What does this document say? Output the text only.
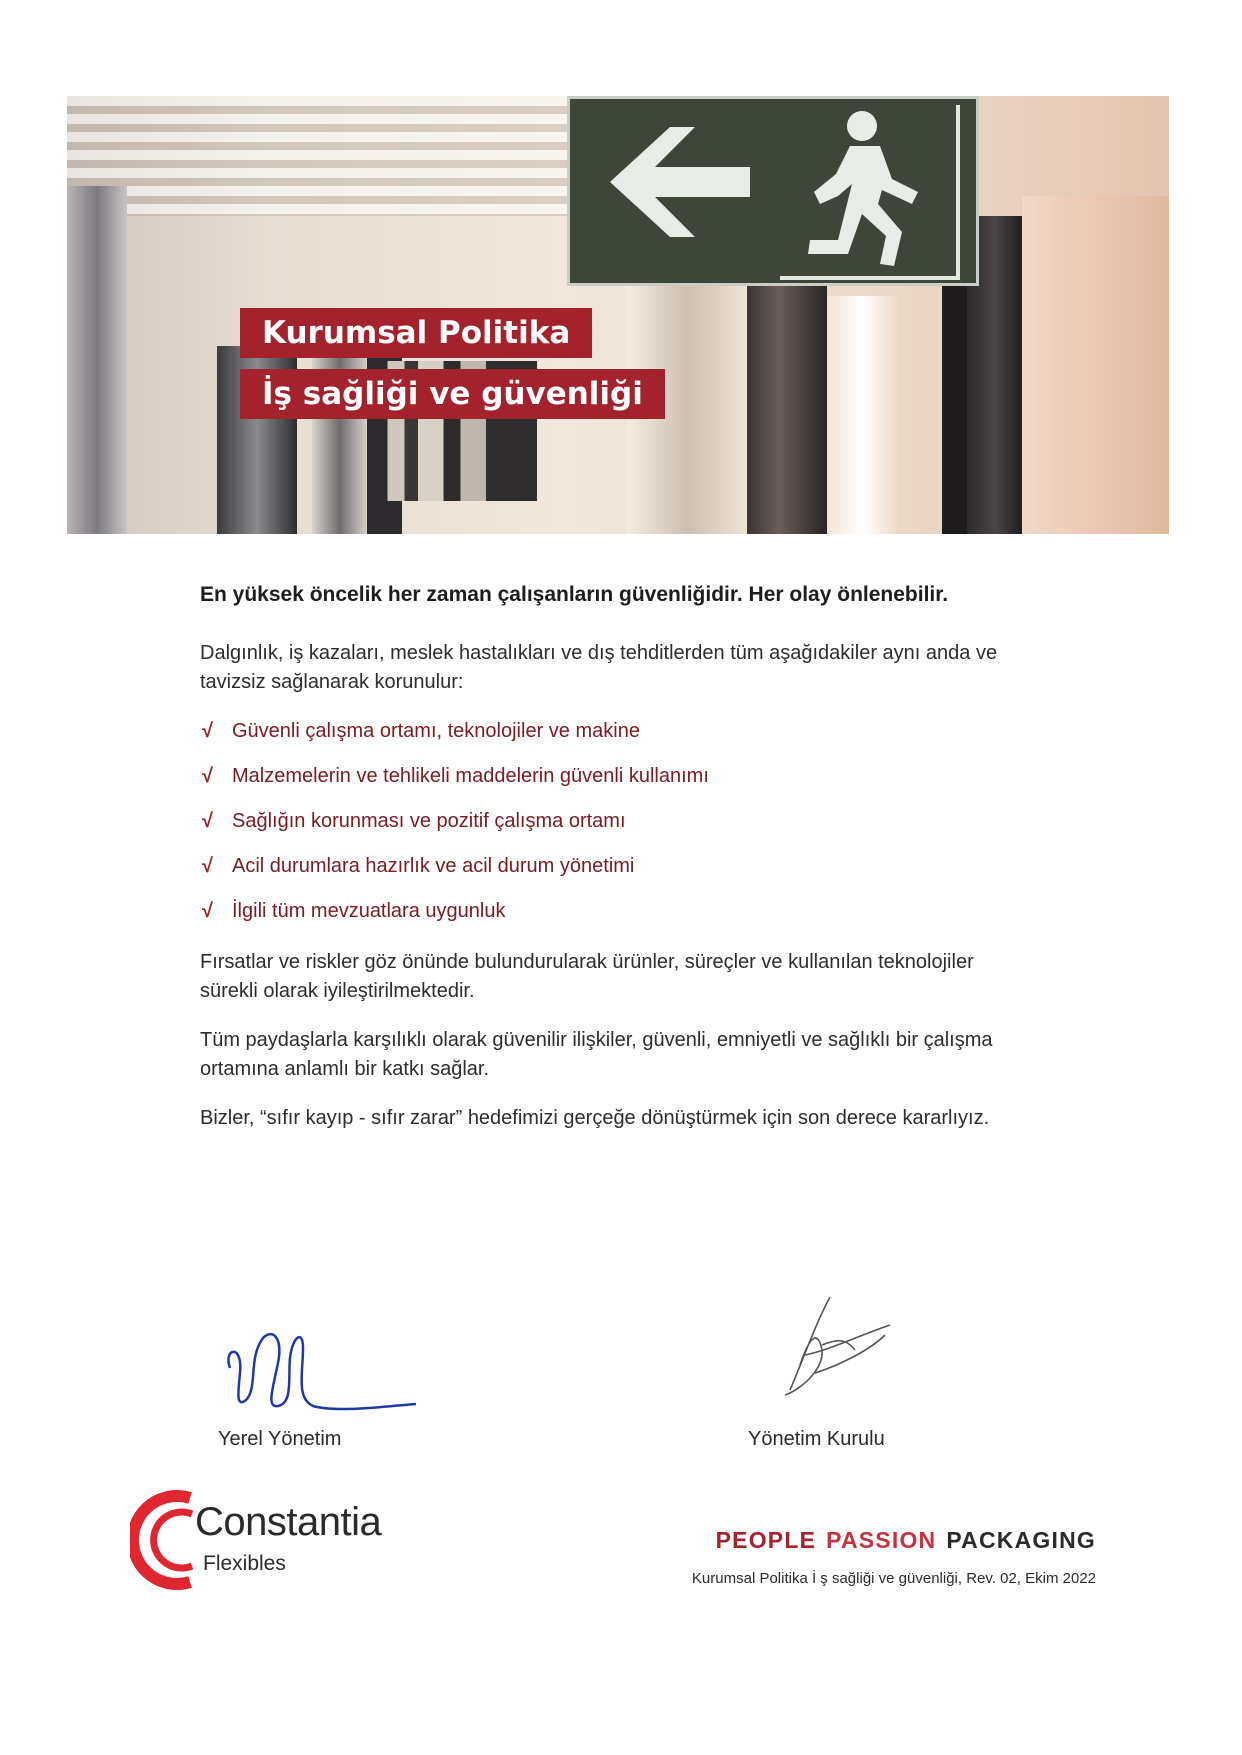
Kurumsal Politika
İş sağliği ve güvenliği

En yüksek öncelik her zaman çalışanların güvenliğidir. Her olay önlenebilir.

Dalgınlık, iş kazaları, meslek hastalıkları ve dış tehditlerden tüm aşağıdakiler aynı anda ve tavizsiz sağlanarak korunulur:

√ Güvenli çalışma ortamı, teknolojiler ve makine
√ Malzemelerin ve tehlikeli maddelerin güvenli kullanımı
√ Sağlığın korunması ve pozitif çalışma ortamı
√ Acil durumlara hazırlık ve acil durum yönetimi
√ İlgili tüm mevzuatlara uygunluk

Fırsatlar ve riskler göz önünde bulundurularak ürünler, süreçler ve kullanılan teknolojiler sürekli olarak iyileştirilmektedir.

Tüm paydaşlarla karşılıklı olarak güvenilir ilişkiler, güvenli, emniyetli ve sağlıklı bir çalışma ortamına anlamlı bir katkı sağlar.

Bizler, “sıfır kayıp - sıfır zarar” hedefimizi gerçeğe dönüştürmek için son derece kararlıyız.

Yerel Yönetim	Yönetim Kurulu
Constantia
Flexibles
PEOPLE PASSION PACKAGING
Kurumsal Politika İ ş sağliği ve güvenliği, Rev. 02, Ekim 2022
